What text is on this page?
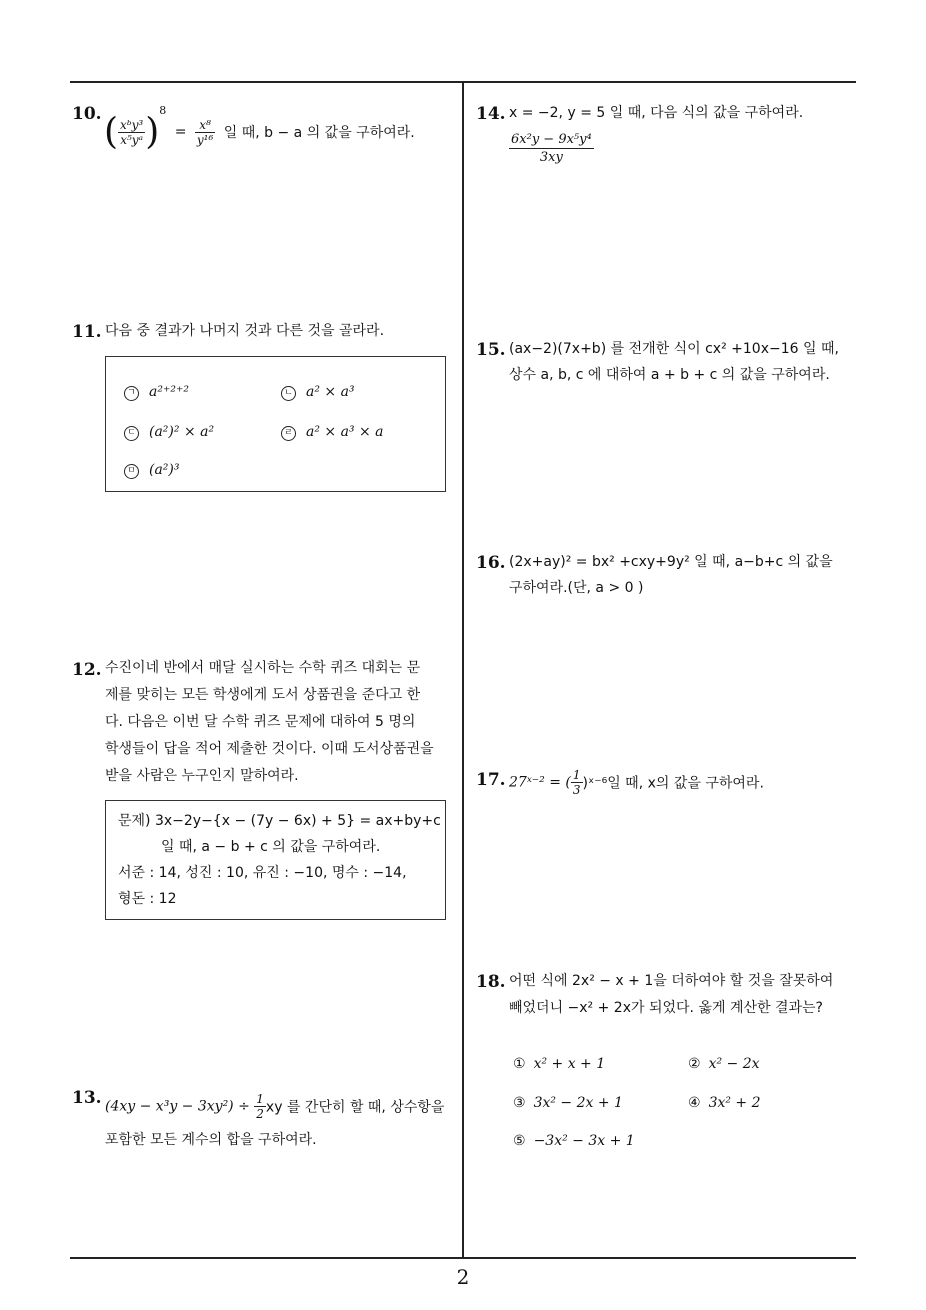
10. ( $\frac{\text{xᵇy³}}{\text{x⁵yᵃ}} )^8 = \frac{\text{x⁸}}{\text{y¹⁶}}$ 일 때, b − a 의 값을 구하여라.
11. 다음 중 결과가 나머지 것과 다른 것을 골라라.
ㄱ a²⁺²⁺²	ㄴ a² × a³
ㄷ (a²)² × a²	ㄹ a² × a³ × a
ㅁ (a²)³
12. 수진이네 반에서 매달 실시하는 수학 퀴즈 대회는 문
제를 맞히는 모든 학생에게 도서 상품권을 준다고 한
다. 다음은 이번 달 수학 퀴즈 문제에 대하여 5 명의
학생들이 답을 적어 제출한 것이다. 이때 도서상품권을
받을 사람은 누구인지 말하여라.
문제) 3x−2y−{x − (7y − 6x) + 5} = ax+by+c
일 때, a − b + c 의 값을 구하여라.
서준 : 14, 성진 : 10, 유진 : −10, 명수 : −14,
형돈 : 12
13. $(4xy - x^3y - 3xy^2) \div \frac{1}{2}$ xy 를 간단히 할 때, 상수항을
포함한 모든 계수의 합을 구하여라.
14. x = −2, y = 5 일 때, 다음 식의 값을 구하여라.
$\frac{\text{6x²y − 9x⁵y⁴}}{3xy}$
15. (ax−2)(7x+b) 를 전개한 식이 cx² +10x−16 일 때,
상수 a, b, c 에 대하여 a + b + c 의 값을 구하여라.
16. (2x+ay)² = bx² +cxy+9y² 일 때, a−b+c 의 값을
구하여라.(단, a > 0 )
17. 27ˣ⁻² = ( $\frac{1}{3}$ )ˣ⁻⁶일 때, x의 값을 구하여라.
18. 어떤 식에 2x² − x + 1을 더하여야 할 것을 잘못하여
빼었더니 −x² + 2x가 되었다. 옳게 계산한 결과는?
① x² + x + 1	② x² − 2x
③ 3x² − 2x + 1	④ 3x² + 2
⑤ −3x² − 3x + 1
2
